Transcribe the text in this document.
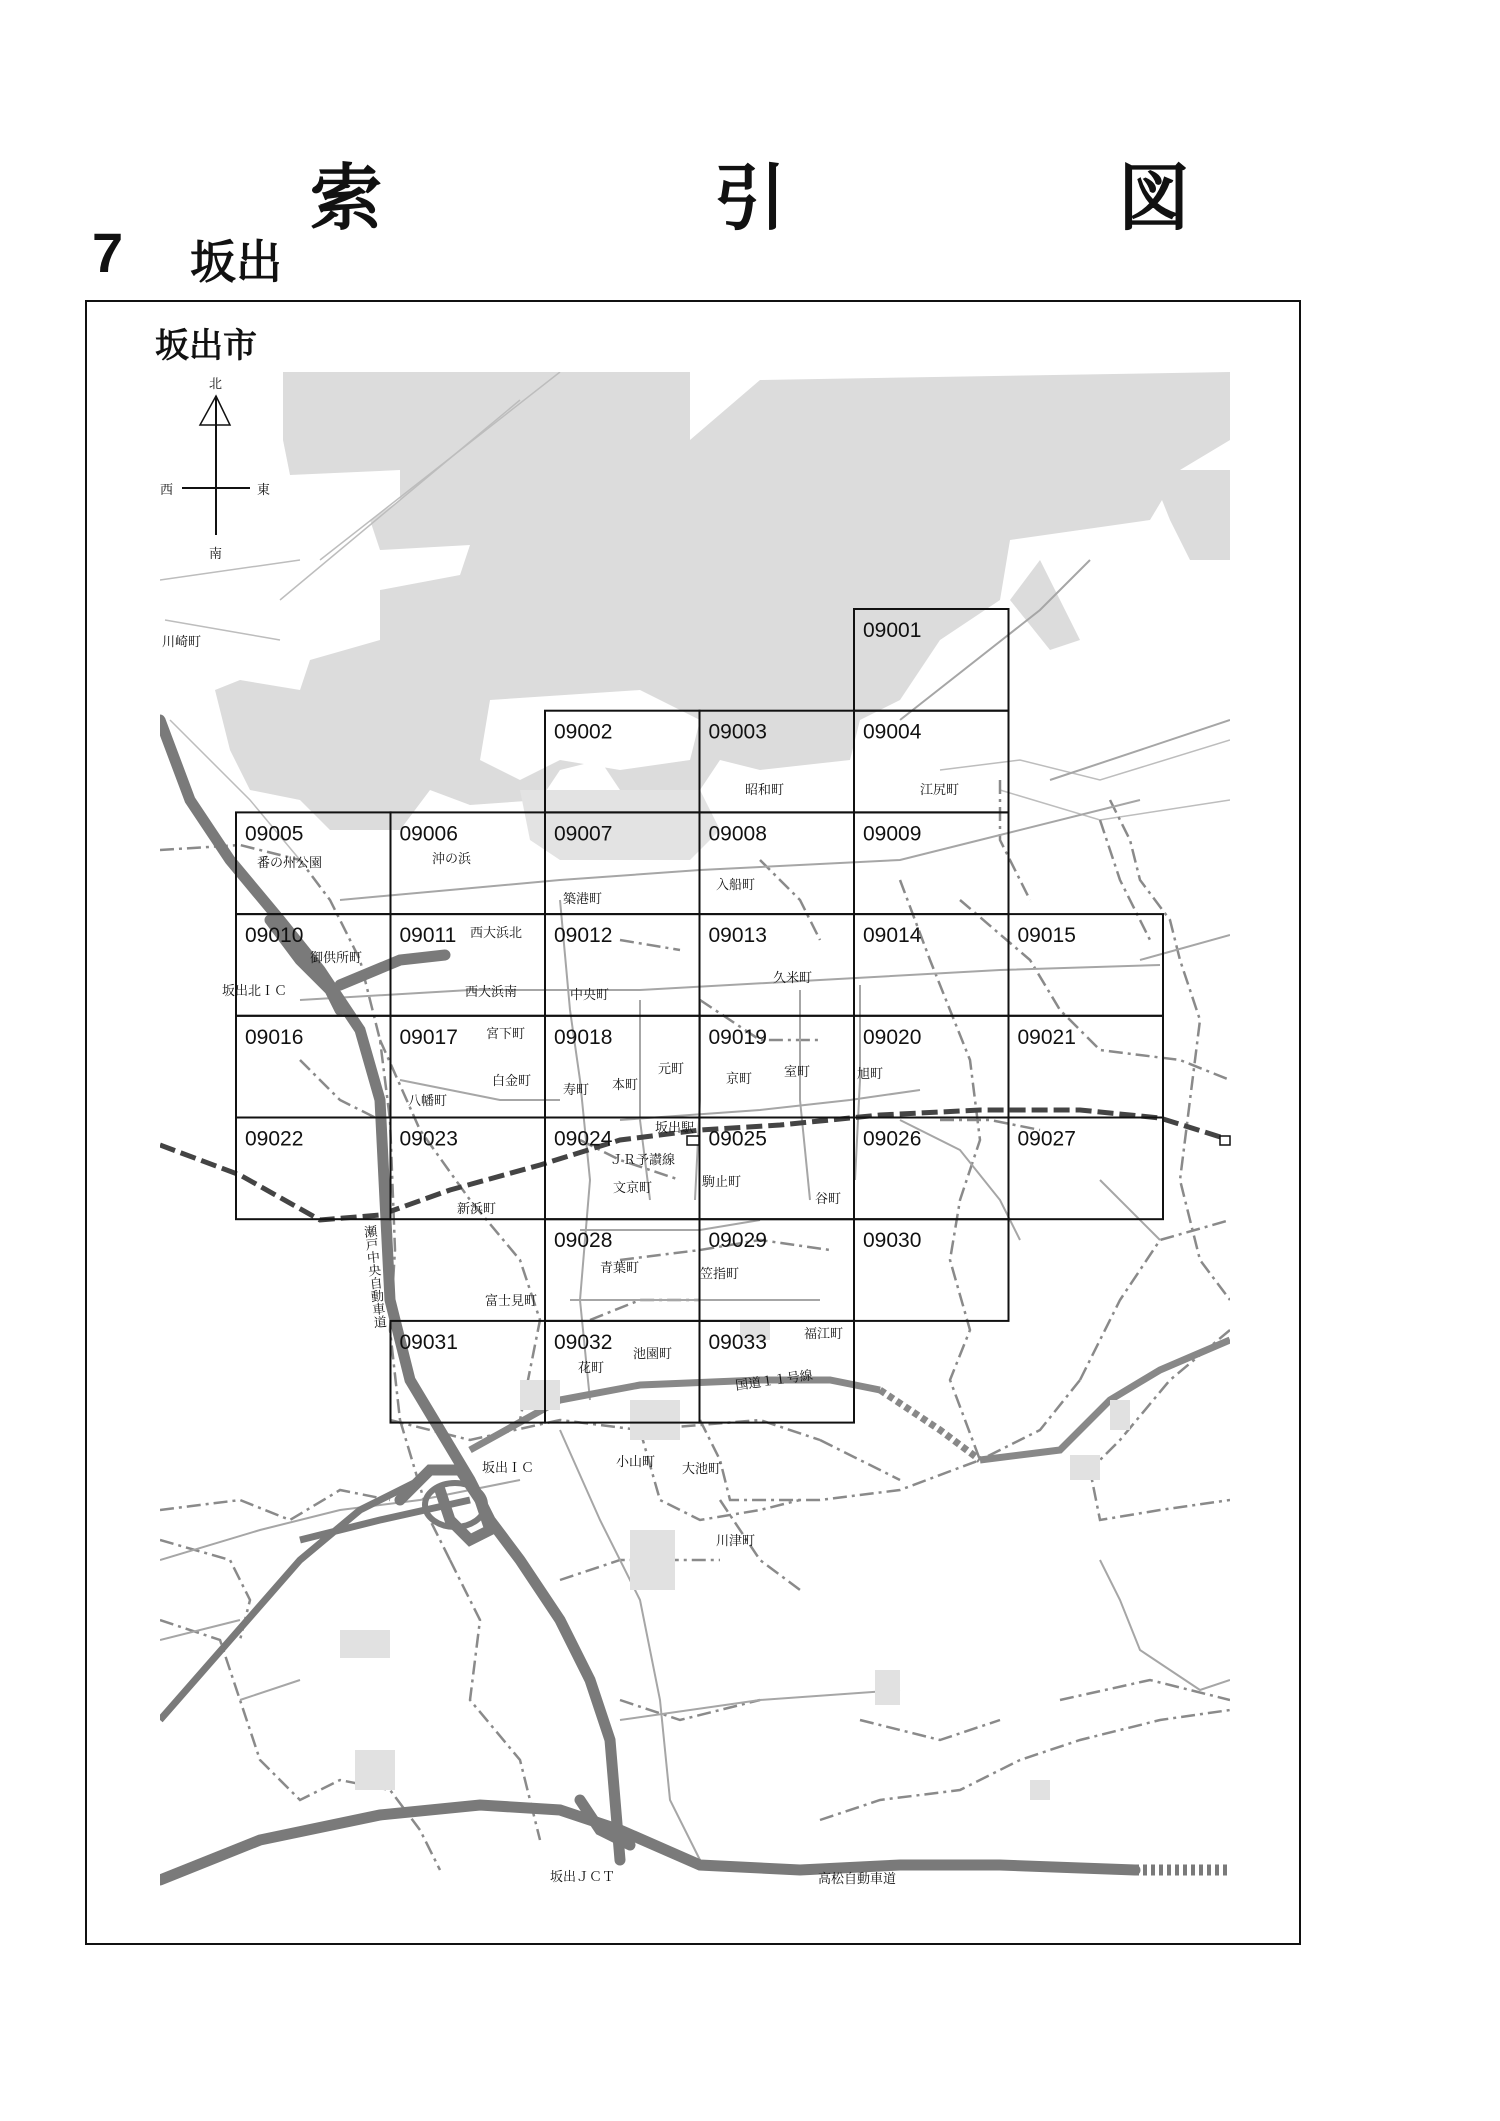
索　引　図
7 坂出
坂出市
北
南
東
西
09001
09002	09003	09004
09005	09006	09007	09008	09009
09010	09011	09012	09013	09014	09015
09016	09017	09018	09019	09020	09021
09022	09023	09024	09025	09026	09027
09028	09029	09030
09031	09032	09033
川崎町
昭和町	江尻町
番の州公園	沖の浜
築港町
入船町
西大浜北
御供所町
坂出北ＩＣ	西大浜南	中央町
久米町
宮下町
白金町
八幡町
寿町 本町
元町
京町 室町	旭町
坂出駅
ＪＲ予讃線
文京町	駒止町
谷町
新浜町
青葉町	笠指町
富士見町
福江町
花町
池園町
国道１１号線
小山町 大池町
坂出ＩＣ
川津町
坂出ＪＣＴ	高松自動車道
瀬戸中央自動車道
